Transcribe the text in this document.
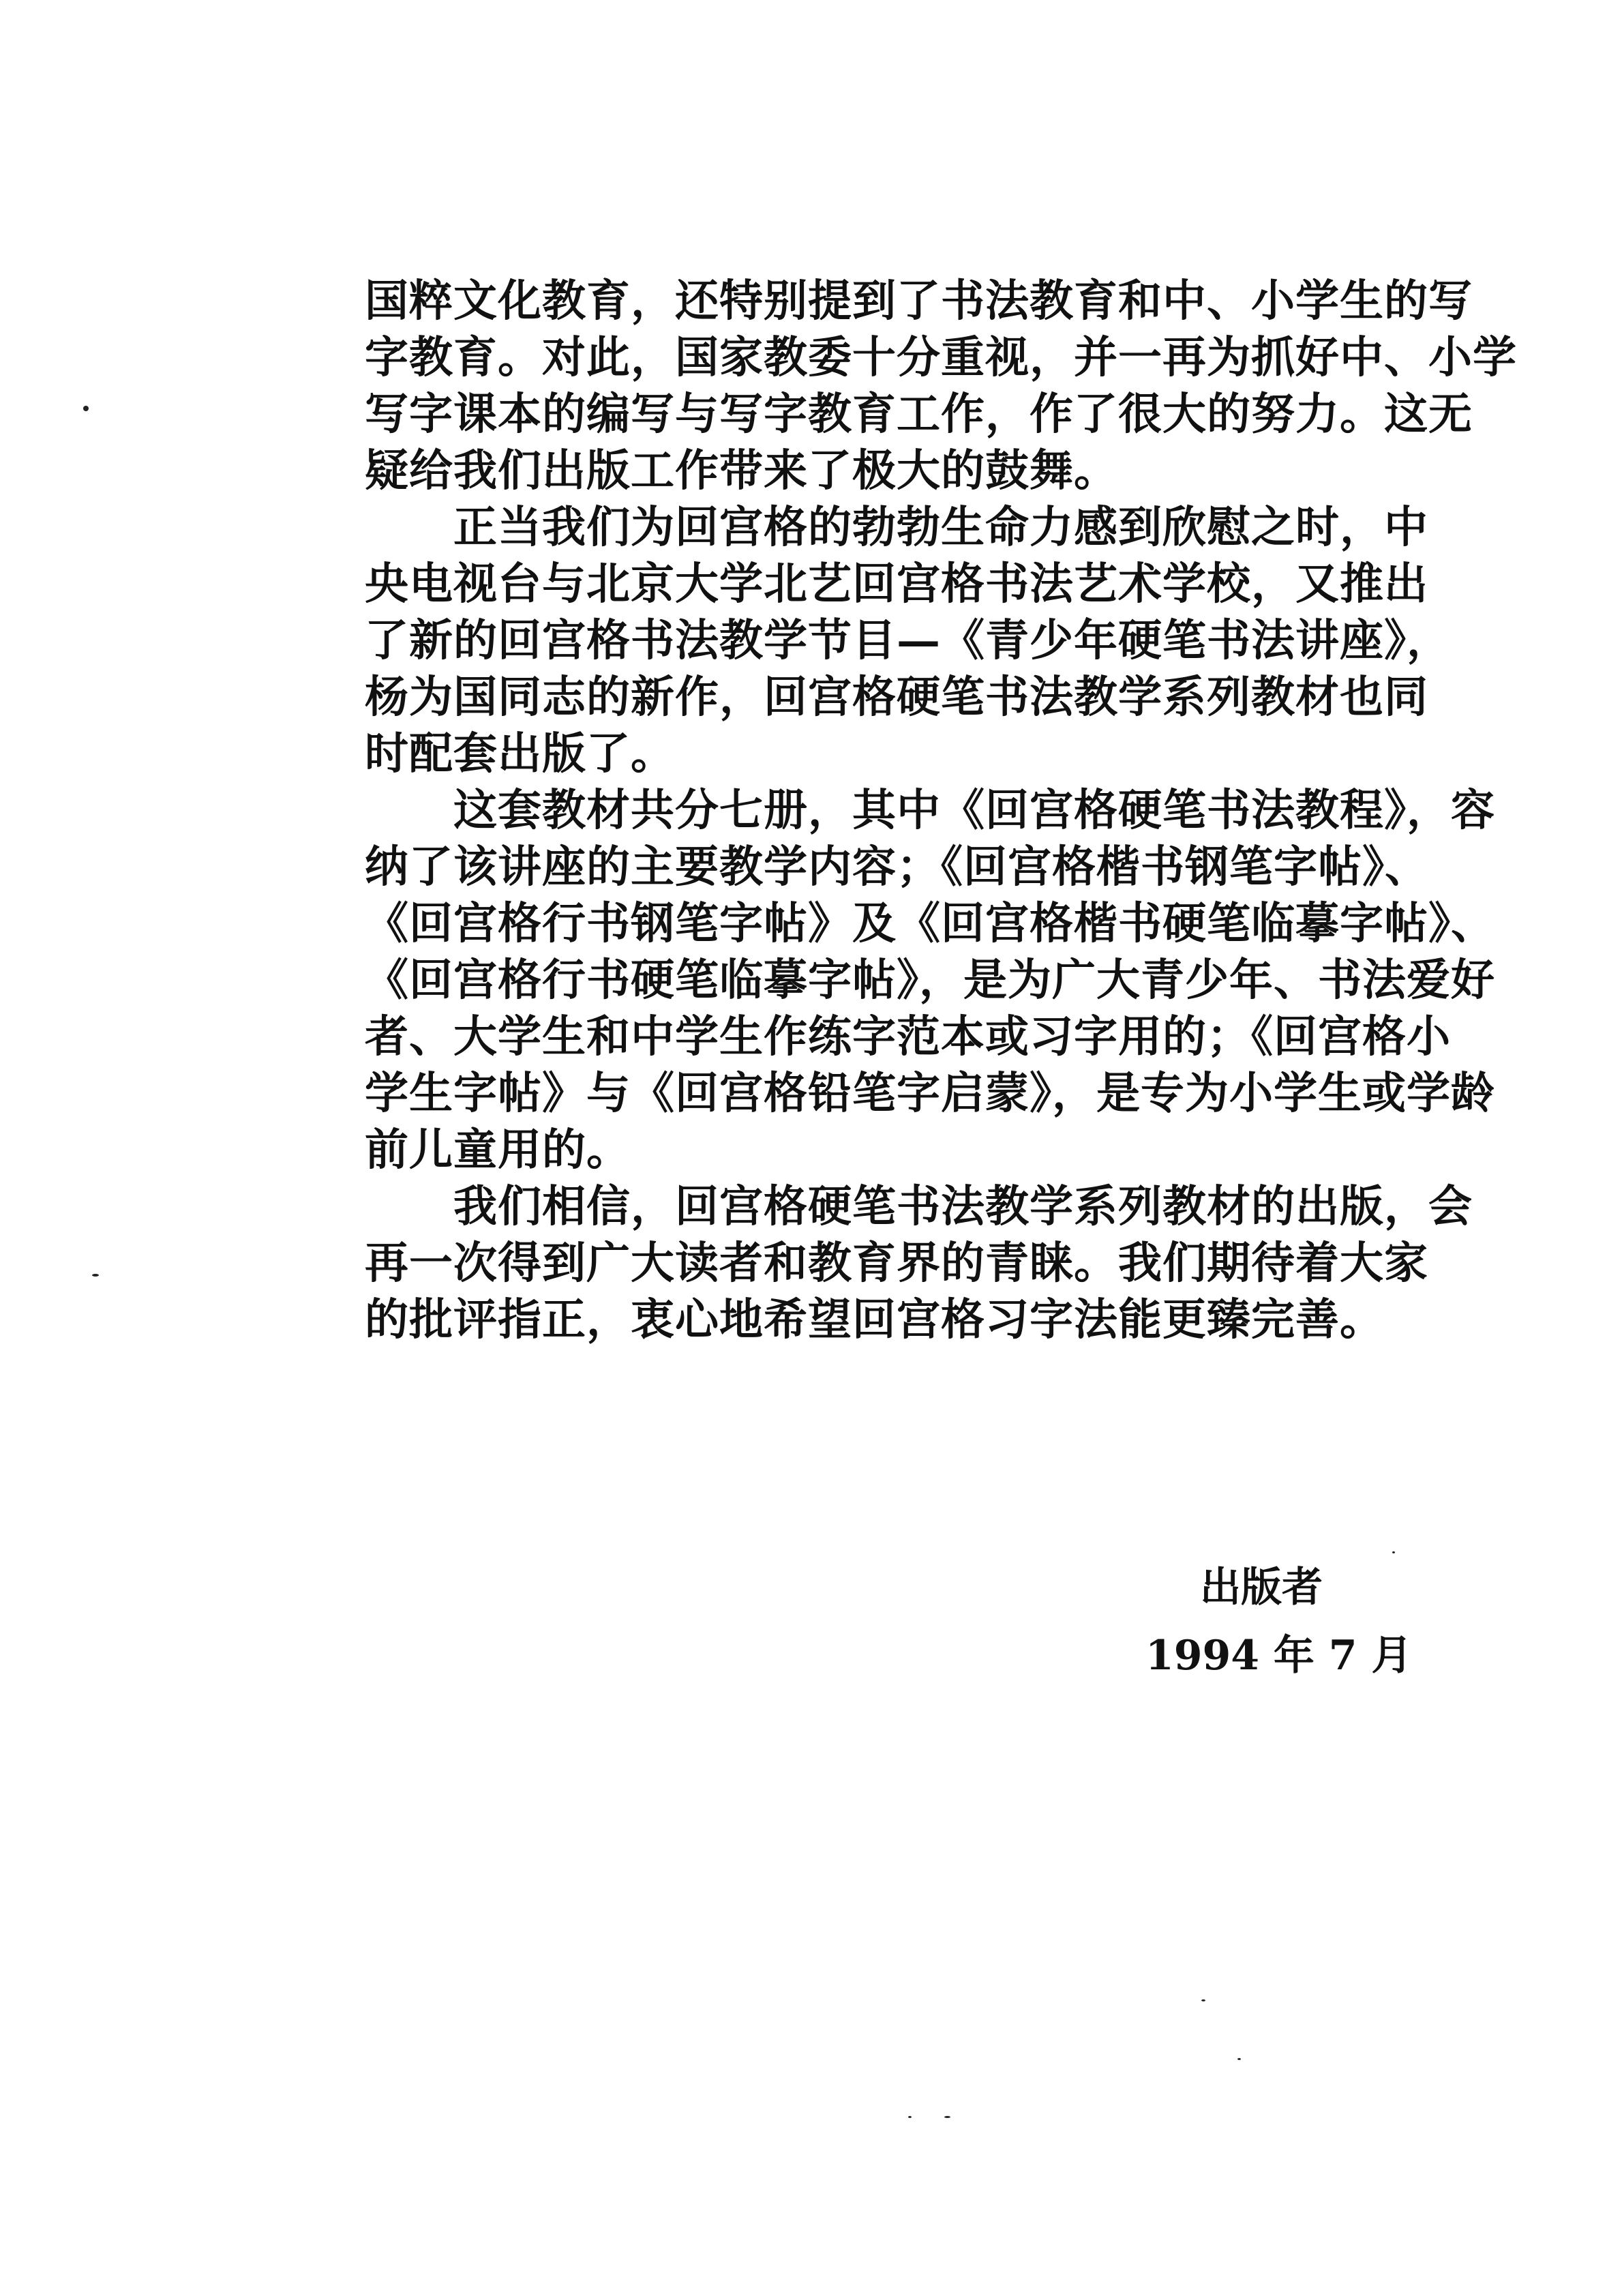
国粹文化教育，还特别提到了书法教育和中、小学生的写
字教育。对此，国家教委十分重视，并一再为抓好中、小学
写字课本的编写与写字教育工作，作了很大的努力。这无
疑给我们出版工作带来了极大的鼓舞。
　　正当我们为回宫格的勃勃生命力感到欣慰之时，中
央电视台与北京大学北艺回宫格书法艺术学校，又推出
了新的回宫格书法教学节目—《青少年硬笔书法讲座》，
杨为国同志的新作，回宫格硬笔书法教学系列教材也同
时配套出版了。
　　这套教材共分七册，其中《回宫格硬笔书法教程》，容
纳了该讲座的主要教学内容；《回宫格楷书钢笔字帖》、
《回宫格行书钢笔字帖》及《回宫格楷书硬笔临摹字帖》、
《回宫格行书硬笔临摹字帖》，是为广大青少年、书法爱好
者、大学生和中学生作练字范本或习字用的；《回宫格小
学生字帖》与《回宫格铅笔字启蒙》，是专为小学生或学龄
前儿童用的。
　　我们相信，回宫格硬笔书法教学系列教材的出版，会
再一次得到广大读者和教育界的青睐。我们期待着大家
的批评指正，衷心地希望回宫格习字法能更臻完善。
出版者
1994 年 7 月
